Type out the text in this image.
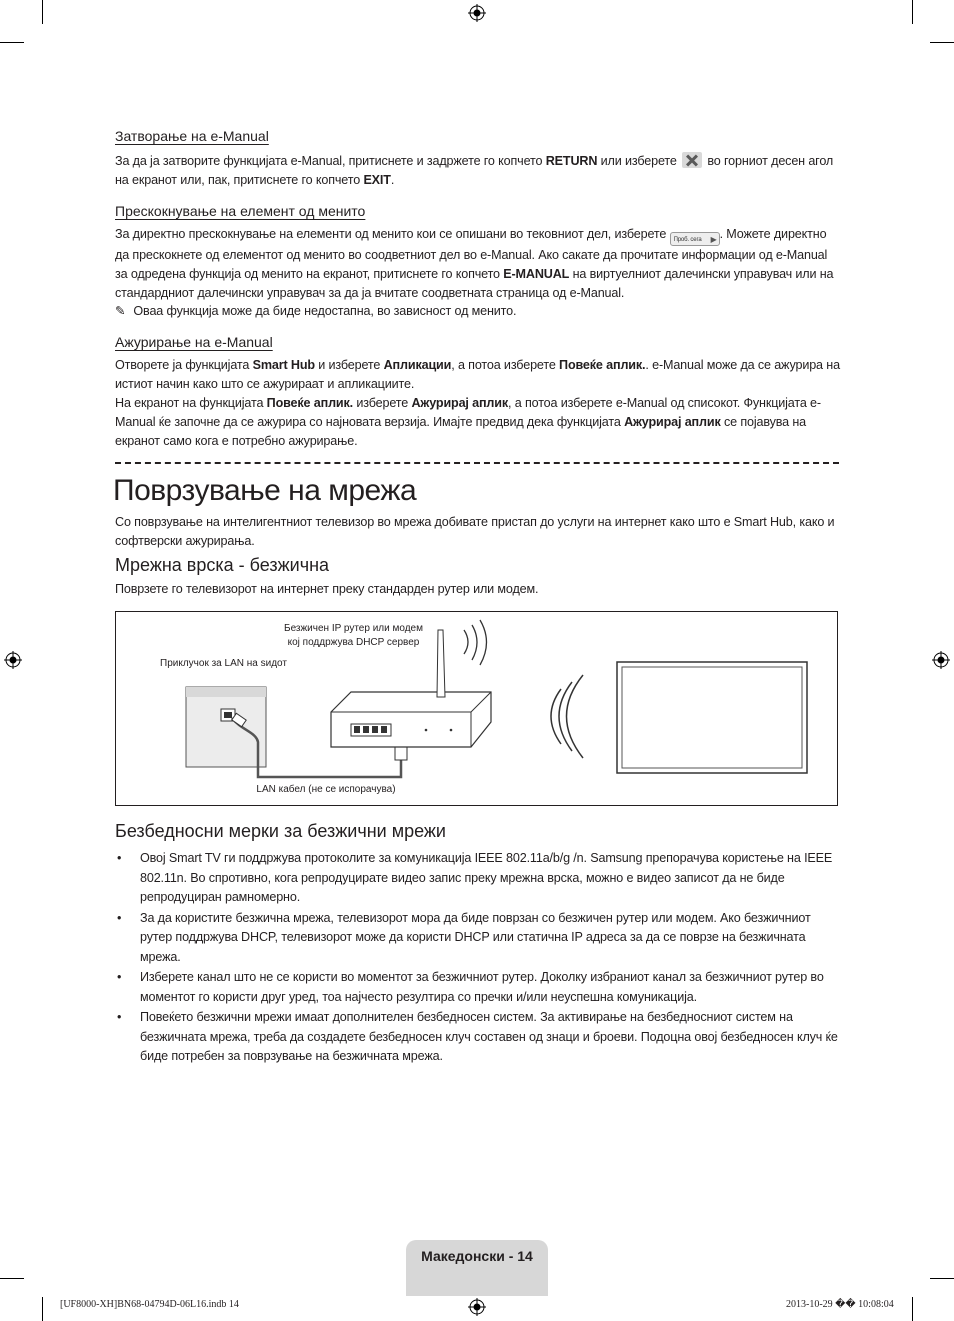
Затворање на e-Manual
За да ја затворите функцијата e-Manual, притиснете и задржете го копчето RETURN или изберете  во горниот десен агол на екранот или, пак, притиснете го копчето EXIT.
Прескокнување на елемент од менито
За директно прескокнување на елементи од менито кои се опишани во тековниот дел, изберете Проб. сега ▶ . Можете директно да прескокнете од елементот од менито во соодветниот дел во e-Manual. Ако сакате да прочитате информации од e-Manual за одредена функција од менито на екранот, притиснете го копчето E-MANUAL на виртуелниот далечински управувач или на стандардниот далечински управувач за да ја вчитате соодветната страница од e-Manual.
✎ Оваа функција може да биде недостапна, во зависност од менито.
Ажурирање на e-Manual
Отворете ја функцијата Smart Hub и изберете Апликации, а потоа изберете Повеќе аплик.. e-Manual може да се ажурира на истиот начин како што се ажурираат и апликациите.
На екранот на функцијата Повеќе аплик. изберете Ажурирај аплик, а потоа изберете e-Manual од списокот. Функцијата e-Manual ќе започне да се ажурира со најновата верзија. Имајте предвид дека функцијата Ажурирај аплик се појавува на екранот само кога е потребно ажурирање.
Поврзување на мрежа
Со поврзување на интелигентниот телевизор во мрежа добивате пристап до услуги на интернет како што е Smart Hub, како и софтверски ажурирања.
Мрежна врска - безжична
Поврзете го телевизорот на интернет преку стандарден рутер или модем.
Безжичен IP рутер или модем
кој поддржува DHCP сервер
Приклучок за LAN на ѕидот
LAN кабел (не се испорачува)
Безбедносни мерки за безжични мрежи
• Овој Smart TV ги поддржува протоколите за комуникација IEEE 802.11a/b/g /n. Samsung препорачува користење на IEEE 802.11n. Во спротивно, кога репродуцирате видео запис преку мрежна врска, можно е видео записот да не биде репродуциран рамномерно.
• За да користите безжична мрежа, телевизорот мора да биде поврзан со безжичен рутер или модем. Ако безжичниот рутер поддржува DHCP, телевизорот може да користи DHCP или статична IP адреса за да се поврзе на безжичната мрежа.
• Изберете канал што не се користи во моментот за безжичниот рутер. Доколку избраниот канал за безжичниот рутер во моментот го користи друг уред, тоа најчесто резултира со пречки и/или неуспешна комуникација.
• Повеќето безжични мрежи имаат дополнителен безбедносен систем. За активирање на безбедносниот систем на безжичната мрежа, треба да создадете безбедносен клуч составен од знаци и броеви. Подоцна овој безбедносен клуч ќе биде потребен за поврзување на безжичната мрежа.
Македонски - 14
[UF8000-XH]BN68-04794D-06L16.indb 14	2013-10-29 �� 10:08:04
